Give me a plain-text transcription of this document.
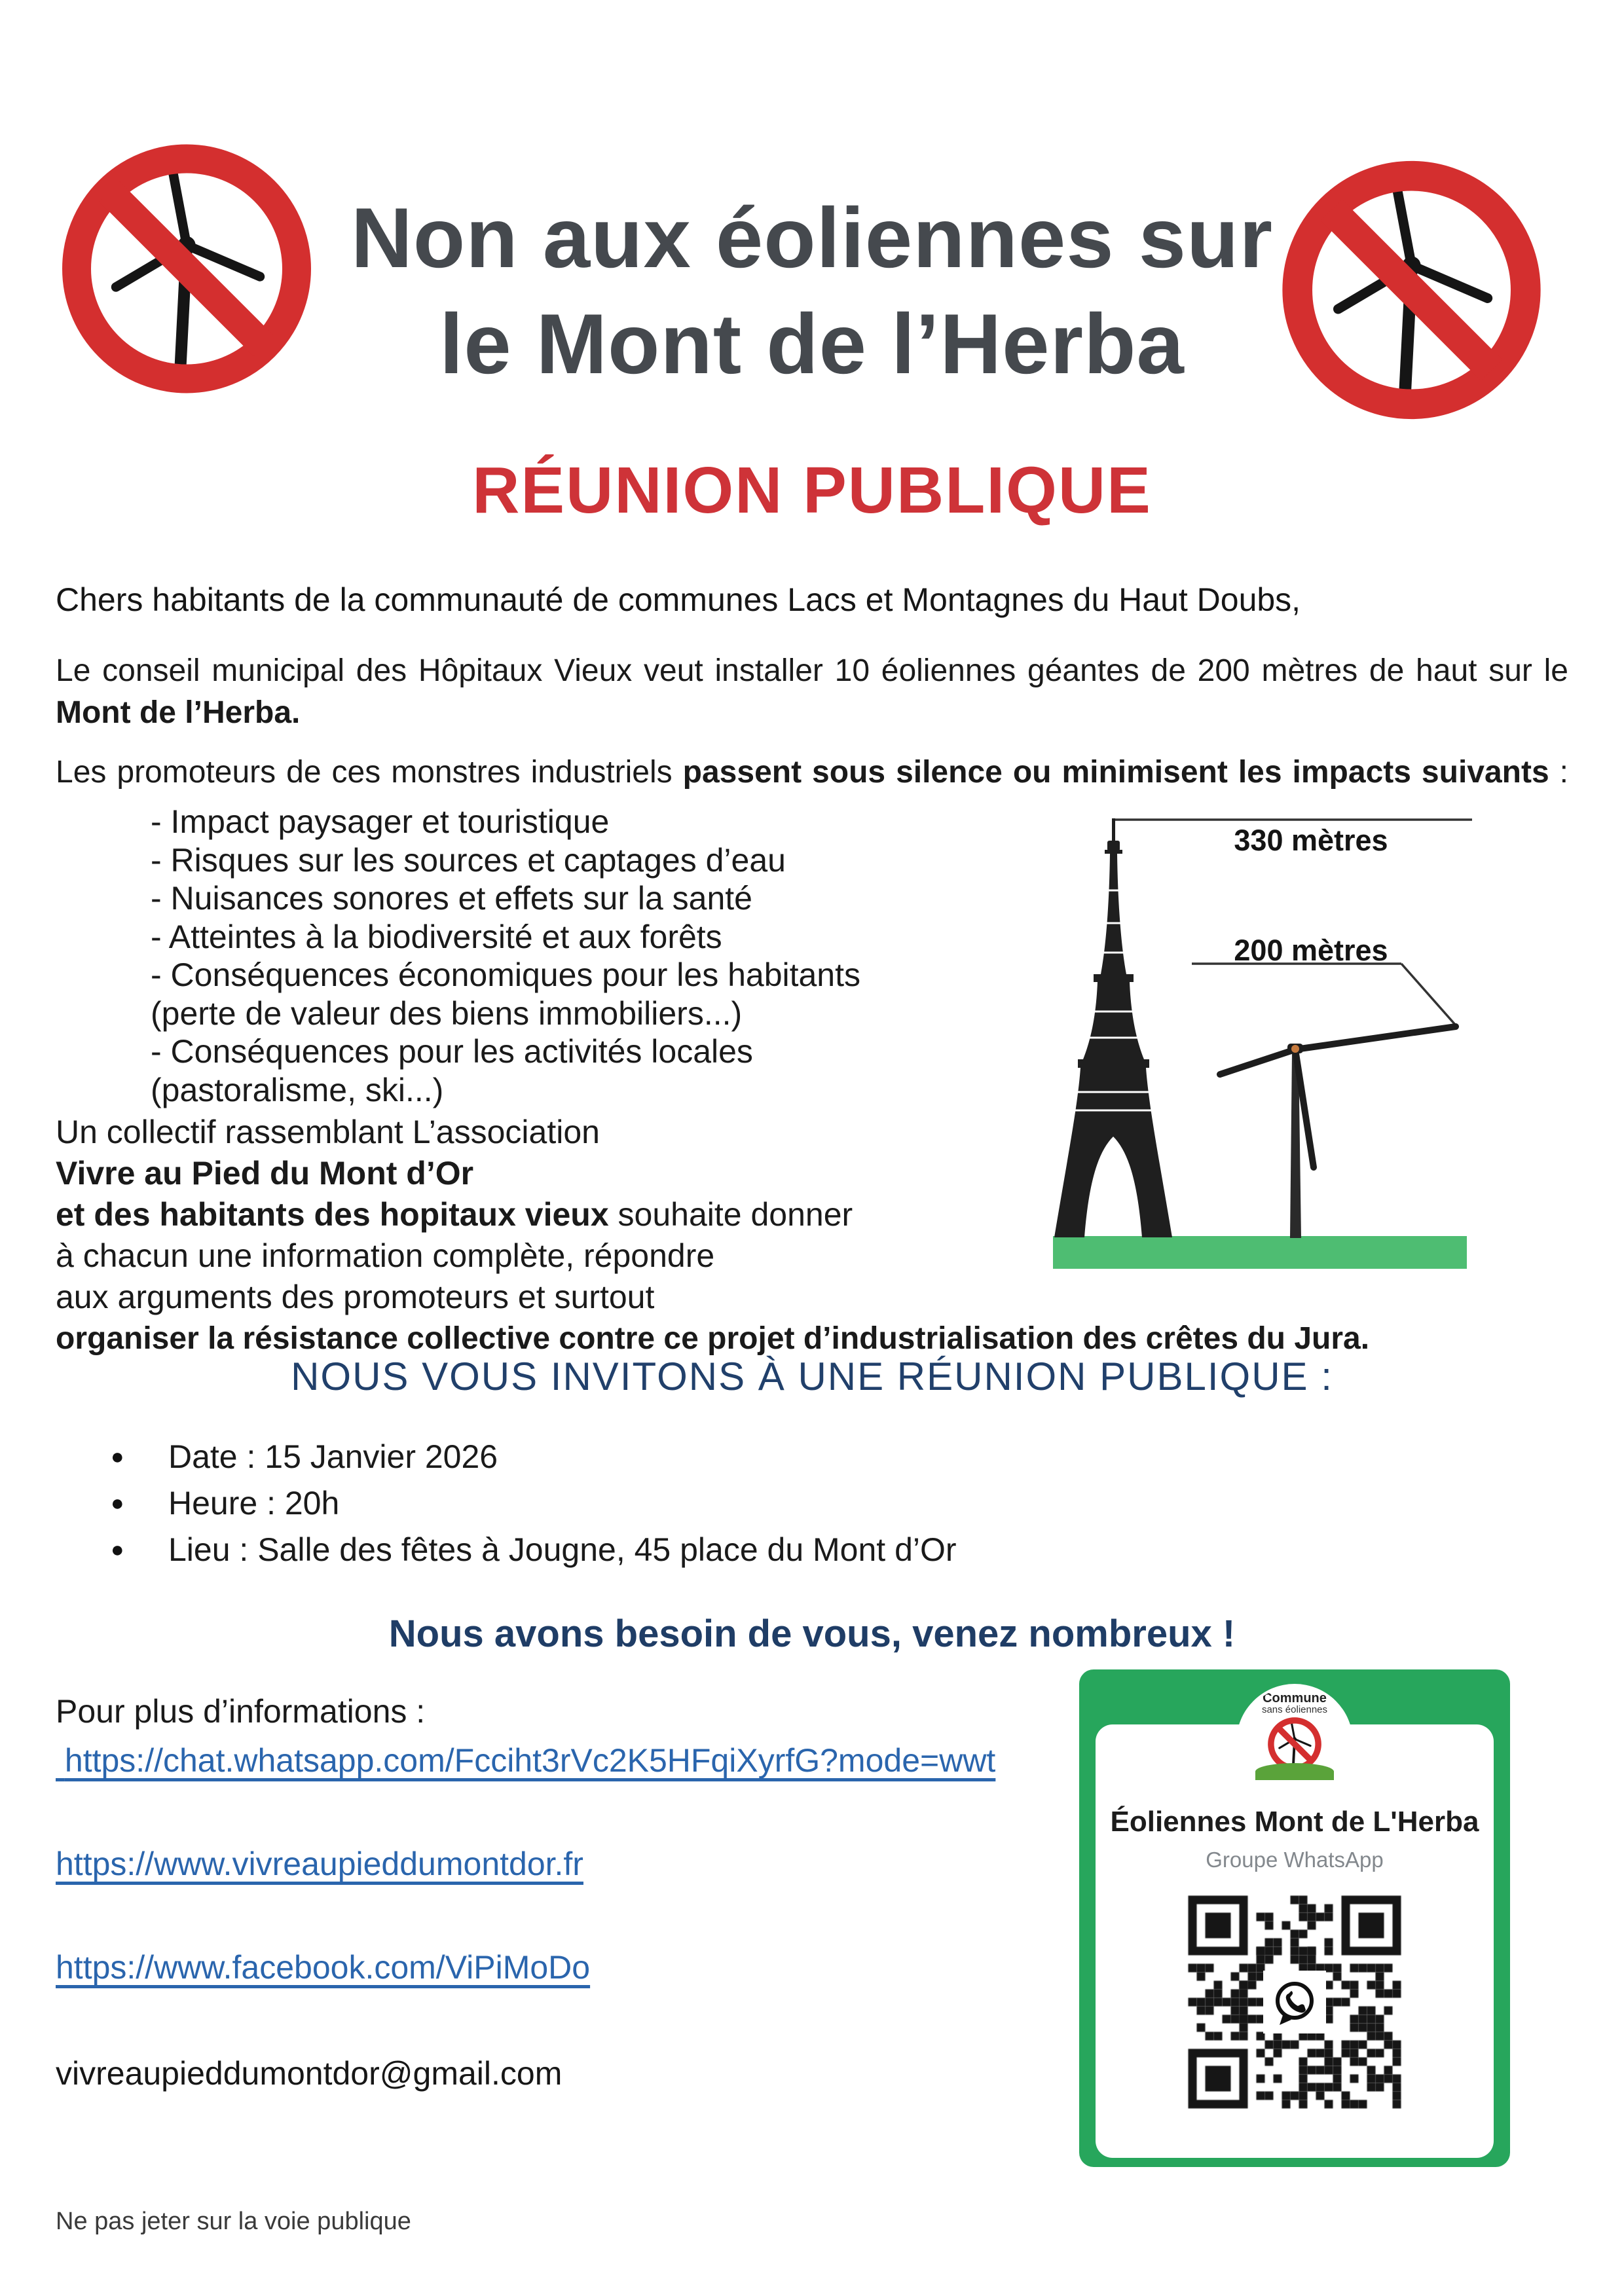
Non aux éoliennes sur
le Mont de l’Herba
RÉUNION PUBLIQUE
Chers habitants de la communauté de communes Lacs et Montagnes du Haut Doubs,
Le conseil municipal des Hôpitaux Vieux veut installer 10 éoliennes géantes de 200 mètres de haut sur le
Mont de l’Herba.
Les promoteurs de ces monstres industriels passent sous silence ou minimisent les impacts suivants :
- Impact paysager et touristique
- Risques sur les sources et captages d’eau
- Nuisances sonores et effets sur la santé
- Atteintes à la biodiversité et aux forêts
- Conséquences économiques pour les habitants
(perte de valeur des biens immobiliers...)
- Conséquences pour les activités locales
(pastoralisme, ski...)
330 mètres
200 mètres
Un collectif rassemblant L’association
Vivre au Pied du Mont d’Or
et des habitants des hopitaux vieux souhaite donner
à chacun une information complète, répondre
aux arguments des promoteurs et surtout
organiser la résistance collective contre ce projet d’industrialisation des crêtes du Jura.
NOUS VOUS INVITONS À UNE RÉUNION PUBLIQUE :
● Date : 15 Janvier 2026
● Heure : 20h
● Lieu : Salle des fêtes à Jougne, 45 place du Mont d’Or
Nous avons besoin de vous, venez nombreux !
Pour plus d’informations :
https://chat.whatsapp.com/Fcciht3rVc2K5HFqiXyrfG?mode=wwt
https://www.vivreaupieddumontdor.fr
https://www.facebook.com/ViPiMoDo
vivreaupieddumontdor@gmail.com
Commune
sans éoliennes
Éoliennes Mont de L'Herba
Groupe WhatsApp
Ne pas jeter sur la voie publique
